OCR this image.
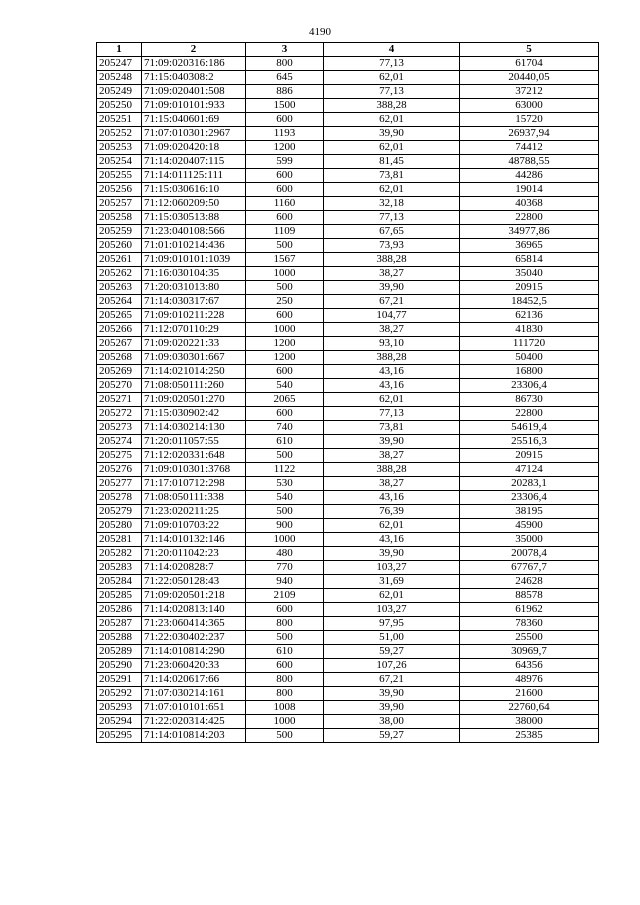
4190
1	2	3	4	5
205247	71:09:020316:186	800	77,13	61704
205248	71:15:040308:2	645	62,01	20440,05
205249	71:09:020401:508	886	77,13	37212
205250	71:09:010101:933	1500	388,28	63000
205251	71:15:040601:69	600	62,01	15720
205252	71:07:010301:2967	1193	39,90	26937,94
205253	71:09:020420:18	1200	62,01	74412
205254	71:14:020407:115	599	81,45	48788,55
205255	71:14:011125:111	600	73,81	44286
205256	71:15:030616:10	600	62,01	19014
205257	71:12:060209:50	1160	32,18	40368
205258	71:15:030513:88	600	77,13	22800
205259	71:23:040108:566	1109	67,65	34977,86
205260	71:01:010214:436	500	73,93	36965
205261	71:09:010101:1039	1567	388,28	65814
205262	71:16:030104:35	1000	38,27	35040
205263	71:20:031013:80	500	39,90	20915
205264	71:14:030317:67	250	67,21	18452,5
205265	71:09:010211:228	600	104,77	62136
205266	71:12:070110:29	1000	38,27	41830
205267	71:09:020221:33	1200	93,10	111720
205268	71:09:030301:667	1200	388,28	50400
205269	71:14:021014:250	600	43,16	16800
205270	71:08:050111:260	540	43,16	23306,4
205271	71:09:020501:270	2065	62,01	86730
205272	71:15:030902:42	600	77,13	22800
205273	71:14:030214:130	740	73,81	54619,4
205274	71:20:011057:55	610	39,90	25516,3
205275	71:12:020331:648	500	38,27	20915
205276	71:09:010301:3768	1122	388,28	47124
205277	71:17:010712:298	530	38,27	20283,1
205278	71:08:050111:338	540	43,16	23306,4
205279	71:23:020211:25	500	76,39	38195
205280	71:09:010703:22	900	62,01	45900
205281	71:14:010132:146	1000	43,16	35000
205282	71:20:011042:23	480	39,90	20078,4
205283	71:14:020828:7	770	103,27	67767,7
205284	71:22:050128:43	940	31,69	24628
205285	71:09:020501:218	2109	62,01	88578
205286	71:14:020813:140	600	103,27	61962
205287	71:23:060414:365	800	97,95	78360
205288	71:22:030402:237	500	51,00	25500
205289	71:14:010814:290	610	59,27	30969,7
205290	71:23:060420:33	600	107,26	64356
205291	71:14:020617:66	800	67,21	48976
205292	71:07:030214:161	800	39,90	21600
205293	71:07:010101:651	1008	39,90	22760,64
205294	71:22:020314:425	1000	38,00	38000
205295	71:14:010814:203	500	59,27	25385
